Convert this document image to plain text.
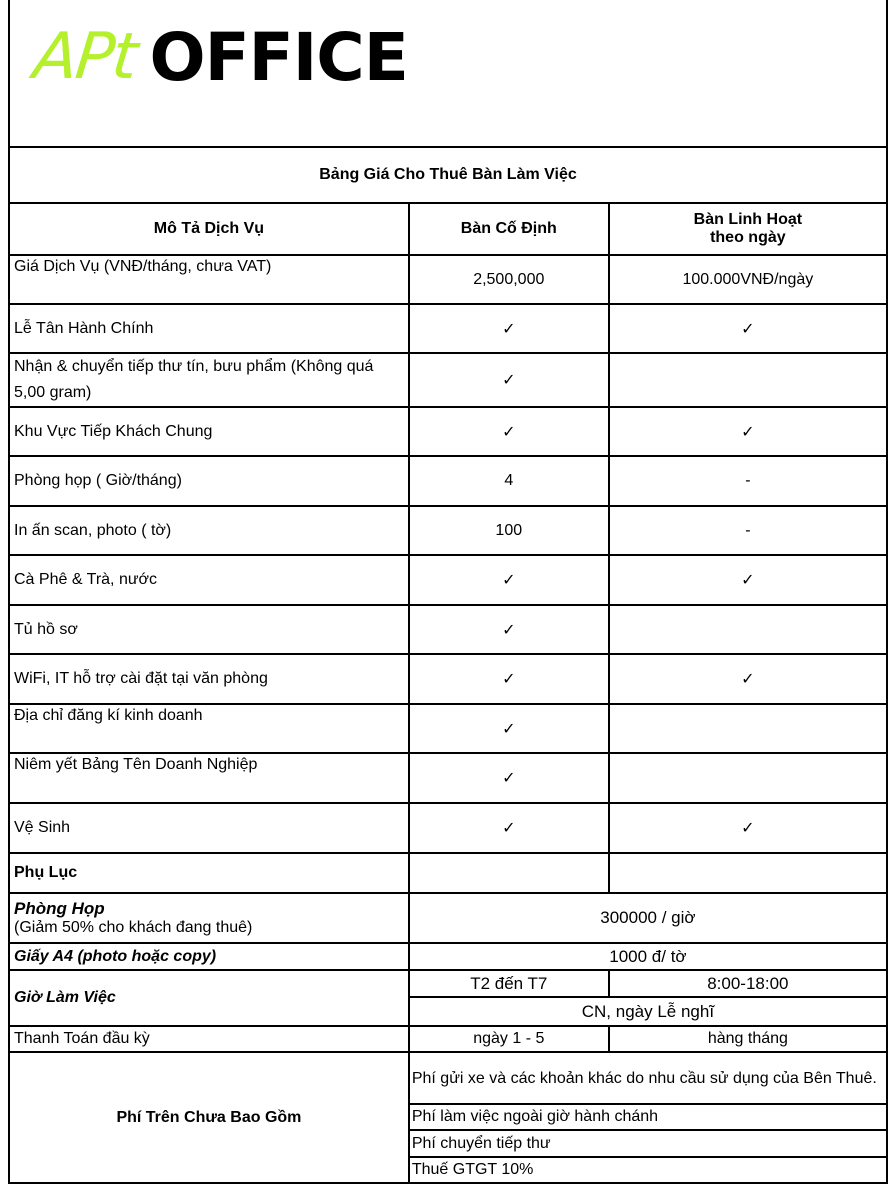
APt OFFICE
Bảng Giá Cho Thuê Bàn Làm Việc		
Mô Tả Dịch Vụ	Bàn Cố Định	Bàn Linh Hoạt
theo ngày

Giá Dịch Vụ (VNĐ/tháng, chưa VAT)	2,500,000	100.000VNĐ/ngày
Lễ Tân Hành Chính	✓	✓
Nhận & chuyển tiếp thư tín, bưu phẩm (Không quá 5,00 gram)	✓	
Khu Vực Tiếp Khách Chung	✓	✓
Phòng họp ( Giờ/tháng)	4	-
In ấn scan, photo ( tờ)	100	-
Cà Phê & Trà, nước	✓	✓
Tủ hồ sơ	✓	
WiFi, IT hỗ trợ cài đặt tại văn phòng	✓	✓
Địa chỉ đăng kí kinh doanh	✓	
Niêm yết Bảng Tên Doanh Nghiệp	✓	
Vệ Sinh	✓	✓
Phụ Lục		

Phòng Họp
(Giảm 50% cho khách đang thuê)	300000 / giờ	
Giấy A4 (photo hoặc copy)	1000 đ/ tờ	
Giờ Làm Việc	T2 đến T7	8:00-18:00
	CN, ngày Lễ nghĩ	
Thanh Toán đầu kỳ	ngày 1 - 5	hàng tháng
Phí Trên Chưa Bao Gồm	Phí gửi xe và các khoản khác do nhu cầu sử dụng của Bên Thuê.	
	Phí làm việc ngoài giờ hành chánh	
	Phí chuyển tiếp thư	
	Thuế GTGT 10%	
